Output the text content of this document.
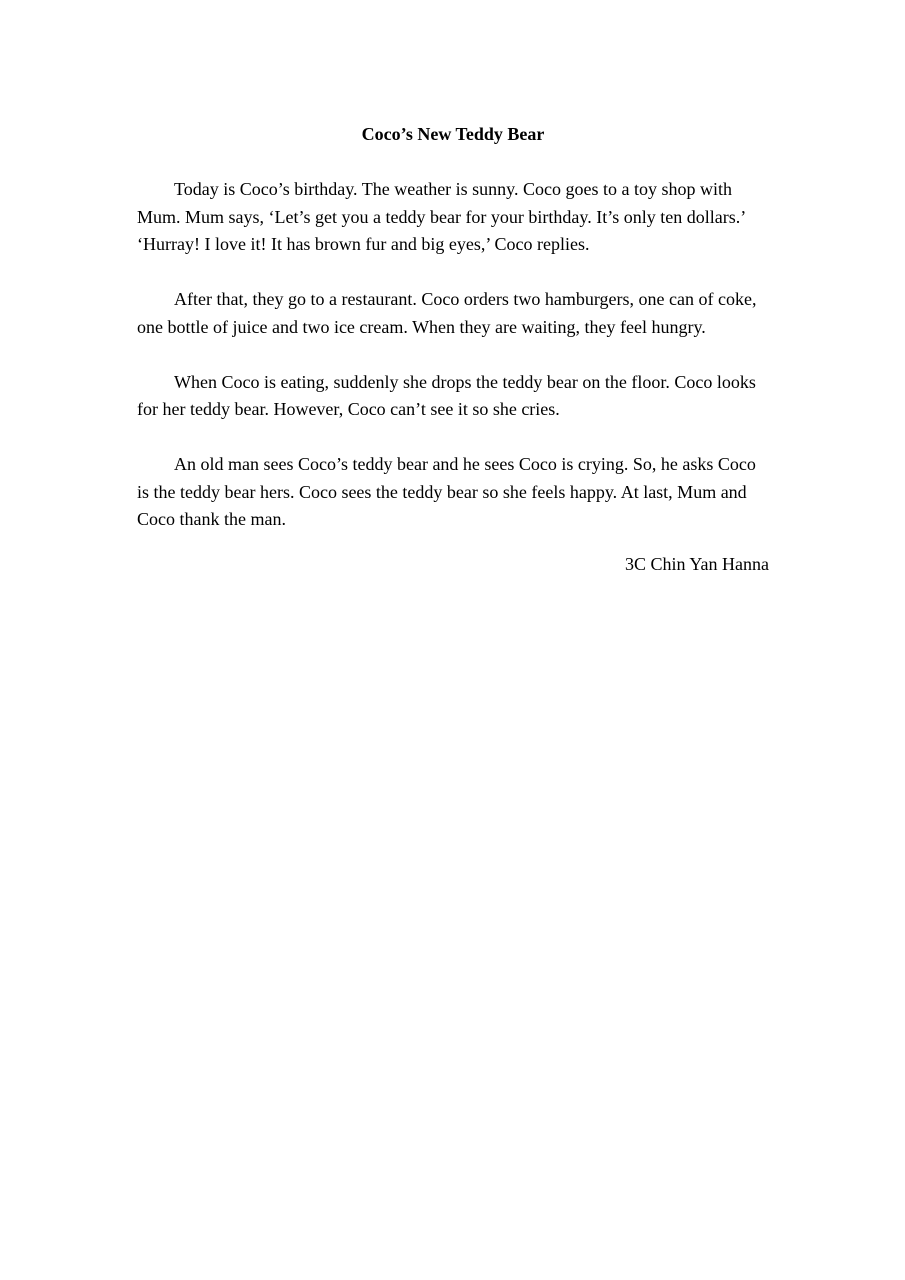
Coco’s New Teddy Bear

Today is Coco’s birthday. The weather is sunny. Coco goes to a toy shop with Mum. Mum says, ‘Let’s get you a teddy bear for your birthday. It’s only ten dollars.’ ‘Hurray! I love it! It has brown fur and big eyes,’ Coco replies.

After that, they go to a restaurant. Coco orders two hamburgers, one can of coke, one bottle of juice and two ice cream. When they are waiting, they feel hungry.

When Coco is eating, suddenly she drops the teddy bear on the floor. Coco looks for her teddy bear. However, Coco can’t see it so she cries.

An old man sees Coco’s teddy bear and he sees Coco is crying. So, he asks Coco is the teddy bear hers. Coco sees the teddy bear so she feels happy. At last, Mum and Coco thank the man.

3C Chin Yan Hanna
